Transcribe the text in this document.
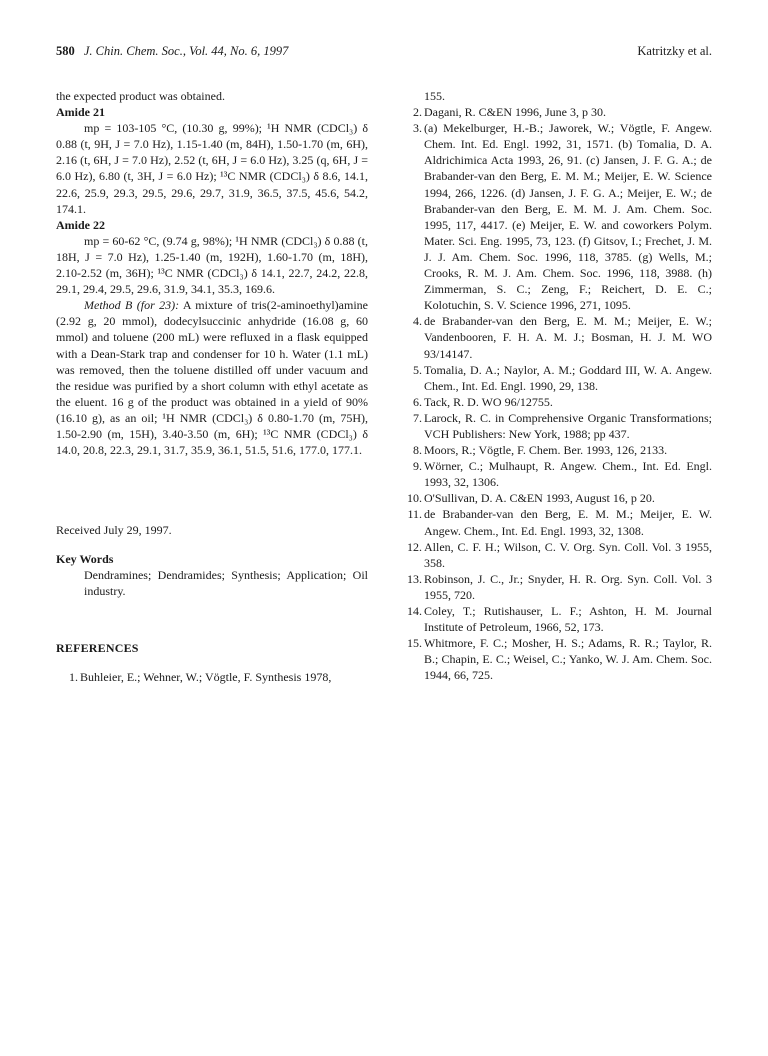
580 J. Chin. Chem. Soc., Vol. 44, No. 6, 1997	Katritzky et al.

the expected product was obtained.

Amide 21

mp = 103-105 °C, (10.30 g, 99%); ¹H NMR (CDCl₃) δ 0.88 (t, 9H, J = 7.0 Hz), 1.15-1.40 (m, 84H), 1.50-1.70 (m, 6H), 2.16 (t, 6H, J = 7.0 Hz), 2.52 (t, 6H, J = 6.0 Hz), 3.25 (q, 6H, J = 6.0 Hz), 6.80 (t, 3H, J = 6.0 Hz); ¹³C NMR (CDCl₃) δ 8.6, 14.1, 22.6, 25.9, 29.3, 29.5, 29.6, 29.7, 31.9, 36.5, 37.5, 45.6, 54.2, 174.1.

Amide 22

mp = 60-62 °C, (9.74 g, 98%); ¹H NMR (CDCl₃) δ 0.88 (t, 18H, J = 7.0 Hz), 1.25-1.40 (m, 192H), 1.60-1.70 (m, 18H), 2.10-2.52 (m, 36H); ¹³C NMR (CDCl₃) δ 14.1, 22.7, 24.2, 22.8, 29.1, 29.4, 29.5, 29.6, 31.9, 34.1, 35.3, 169.6.

Method B (for 23): A mixture of tris(2-aminoethyl)amine (2.92 g, 20 mmol), dodecylsuccinic anhydride (16.08 g, 60 mmol) and toluene (200 mL) were refluxed in a flask equipped with a Dean-Stark trap and condenser for 10 h. Water (1.1 mL) was removed, then the toluene distilled off under vacuum and the residue was purified by a short column with ethyl acetate as the eluent. 16 g of the product was obtained in a yield of 90% (16.10 g), as an oil; ¹H NMR (CDCl₃) δ 0.80-1.70 (m, 75H), 1.50-2.90 (m, 15H), 3.40-3.50 (m, 6H); ¹³C NMR (CDCl₃) δ 14.0, 20.8, 22.3, 29.1, 31.7, 35.9, 36.1, 51.5, 51.6, 177.0, 177.1.

Received July 29, 1997.

Key Words

Dendramines; Dendramides; Synthesis; Application; Oil industry.

REFERENCES

1. Buhleier, E.; Wehner, W.; Vögtle, F. Synthesis 1978,
155.
2. Dagani, R. C&EN 1996, June 3, p 30.
3. (a) Mekelburger, H.-B.; Jaworek, W.; Vögtle, F. Angew. Chem. Int. Ed. Engl. 1992, 31, 1571. (b) Tomalia, D. A. Aldrichimica Acta 1993, 26, 91. (c) Jansen, J. F. G. A.; de Brabander-van den Berg, E. M. M.; Meijer, E. W. Science 1994, 266, 1226. (d) Jansen, J. F. G. A.; Meijer, E. W.; de Brabander-van den Berg, E. M. M. J. Am. Chem. Soc. 1995, 117, 4417. (e) Meijer, E. W. and coworkers Polym. Mater. Sci. Eng. 1995, 73, 123. (f) Gitsov, I.; Frechet, J. M. J. J. Am. Chem. Soc. 1996, 118, 3785. (g) Wells, M.; Crooks, R. M. J. Am. Chem. Soc. 1996, 118, 3988. (h) Zimmerman, S. C.; Zeng, F.; Reichert, D. E. C.; Kolotuchin, S. V. Science 1996, 271, 1095.
4. de Brabander-van den Berg, E. M. M.; Meijer, E. W.; Vandenbooren, F. H. A. M. J.; Bosman, H. J. M. WO 93/14147.
5. Tomalia, D. A.; Naylor, A. M.; Goddard III, W. A. Angew. Chem., Int. Ed. Engl. 1990, 29, 138.
6. Tack, R. D. WO 96/12755.
7. Larock, R. C. in Comprehensive Organic Transformations; VCH Publishers: New York, 1988; pp 437.
8. Moors, R.; Vögtle, F. Chem. Ber. 1993, 126, 2133.
9. Wörner, C.; Mulhaupt, R. Angew. Chem., Int. Ed. Engl. 1993, 32, 1306.
10. O'Sullivan, D. A. C&EN 1993, August 16, p 20.
11. de Brabander-van den Berg, E. M. M.; Meijer, E. W. Angew. Chem., Int. Ed. Engl. 1993, 32, 1308.
12. Allen, C. F. H.; Wilson, C. V. Org. Syn. Coll. Vol. 3 1955, 358.
13. Robinson, J. C., Jr.; Snyder, H. R. Org. Syn. Coll. Vol. 3 1955, 720.
14. Coley, T.; Rutishauser, L. F.; Ashton, H. M. Journal Institute of Petroleum, 1966, 52, 173.
15. Whitmore, F. C.; Mosher, H. S.; Adams, R. R.; Taylor, R. B.; Chapin, E. C.; Weisel, C.; Yanko, W. J. Am. Chem. Soc. 1944, 66, 725.
